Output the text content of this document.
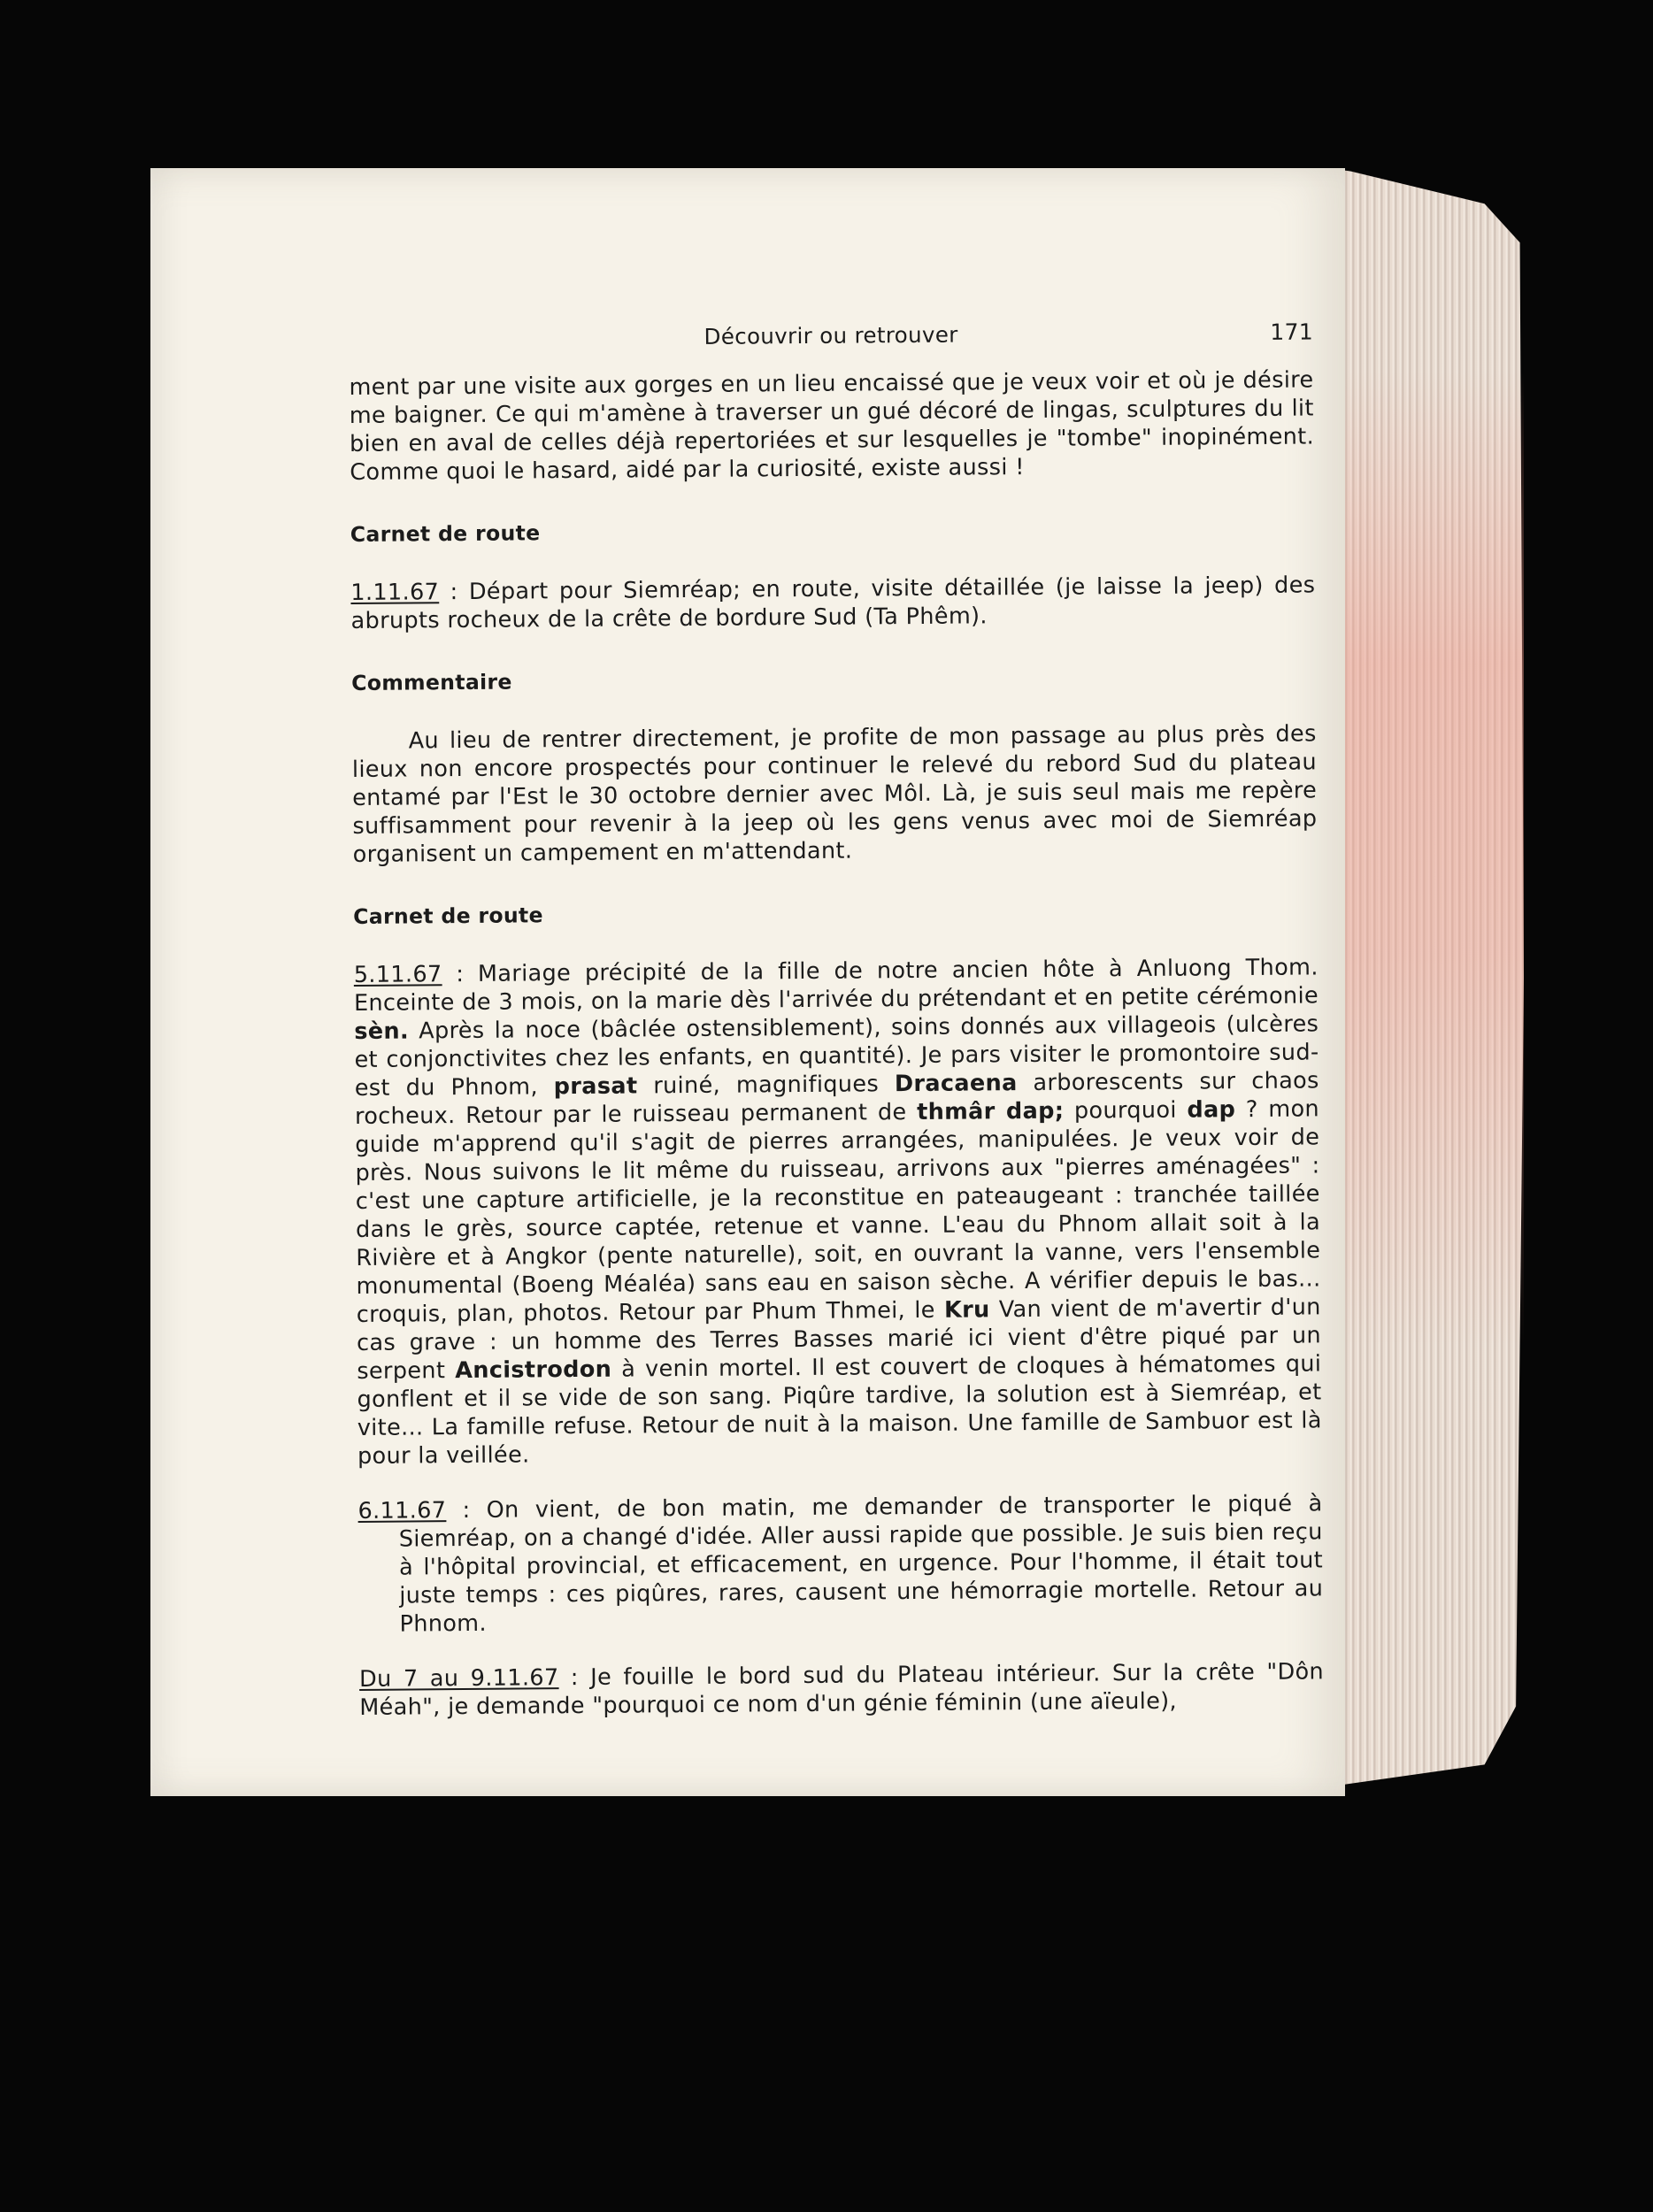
Découvrir ou retrouver	171

ment par une visite aux gorges en un lieu encaissé que je veux voir et où je désire me baigner. Ce qui m'amène à traverser un gué décoré de lingas, sculptures du lit bien en aval de celles déjà repertoriées et sur lesquelles je "tombe" inopinément. Comme quoi le hasard, aidé par la curiosité, existe aussi !

Carnet de route

1.11.67 : Départ pour Siemréap; en route, visite détaillée (je laisse la jeep) des abrupts rocheux de la crête de bordure Sud (Ta Phêm).

Commentaire

Au lieu de rentrer directement, je profite de mon passage au plus près des lieux non encore prospectés pour continuer le relevé du rebord Sud du plateau entamé par l'Est le 30 octobre dernier avec Môl. Là, je suis seul mais me repère suffisamment pour revenir à la jeep où les gens venus avec moi de Siemréap organisent un campement en m'attendant.

Carnet de route

5.11.67 : Mariage précipité de la fille de notre ancien hôte à Anluong Thom. Enceinte de 3 mois, on la marie dès l'arrivée du prétendant et en petite cérémonie sèn. Après la noce (bâclée ostensiblement), soins donnés aux villageois (ulcères et conjonctivites chez les enfants, en quantité). Je pars visiter le promontoire sud-est du Phnom, prasat ruiné, magnifiques Dracaena arborescents sur chaos rocheux. Retour par le ruisseau permanent de thmâr dap; pourquoi dap ? mon guide m'apprend qu'il s'agit de pierres arrangées, manipulées. Je veux voir de près. Nous suivons le lit même du ruisseau, arrivons aux "pierres aménagées" : c'est une capture artificielle, je la reconstitue en pateaugeant : tranchée taillée dans le grès, source captée, retenue et vanne. L'eau du Phnom allait soit à la Rivière et à Angkor (pente naturelle), soit, en ouvrant la vanne, vers l'ensemble monumental (Boeng Méaléa) sans eau en saison sèche. A vérifier depuis le bas... croquis, plan, photos. Retour par Phum Thmei, le Kru Van vient de m'avertir d'un cas grave : un homme des Terres Basses marié ici vient d'être piqué par un serpent Ancistrodon à venin mortel. Il est couvert de cloques à hématomes qui gonflent et il se vide de son sang. Piqûre tardive, la solution est à Siemréap, et vite... La famille refuse. Retour de nuit à la maison. Une famille de Sambuor est là pour la veillée.

6.11.67 : On vient, de bon matin, me demander de transporter le piqué à Siemréap, on a changé d'idée. Aller aussi rapide que possible. Je suis bien reçu à l'hôpital provincial, et efficacement, en urgence. Pour l'homme, il était tout juste temps : ces piqûres, rares, causent une hémorragie mortelle. Retour au Phnom.

Du 7 au 9.11.67 : Je fouille le bord sud du Plateau intérieur. Sur la crête "Dôn Méah", je demande "pourquoi ce nom d'un génie féminin (une aïeule),
